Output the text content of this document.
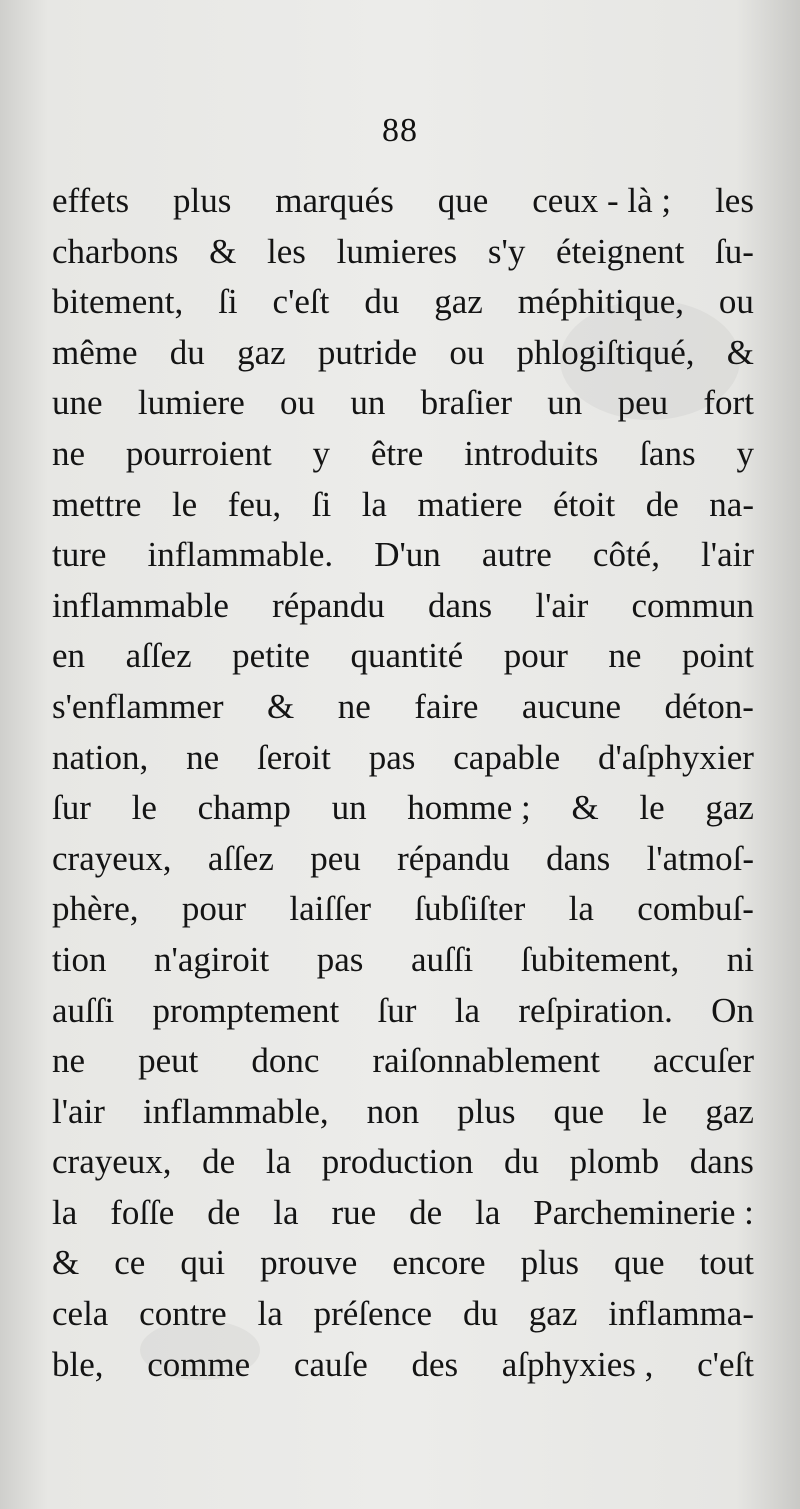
88
effets plus marqués que ceux - là ; les
charbons & les lumieres s'y éteignent ſu-
bitement, ſi c'eſt du gaz méphitique, ou
même du gaz putride ou phlogiſtiqué, &
une lumiere ou un braſier un peu fort
ne pourroient y être introduits ſans y
mettre le feu, ſi la matiere étoit de na-
ture inflammable. D'un autre côté, l'air
inflammable répandu dans l'air commun
en aſſez petite quantité pour ne point
s'enflammer & ne faire aucune déton-
nation, ne ſeroit pas capable d'aſphyxier
ſur le champ un homme ; & le gaz
crayeux, aſſez peu répandu dans l'atmoſ-
phère, pour laiſſer ſubſiſter la combuſ-
tion n'agiroit pas auſſi ſubitement, ni
auſſi promptement ſur la reſpiration. On
ne peut donc raiſonnablement accuſer
l'air inflammable, non plus que le gaz
crayeux, de la production du plomb dans
la foſſe de la rue de la Parcheminerie :
& ce qui prouve encore plus que tout
cela contre la préſence du gaz inflamma-
ble, comme cauſe des aſphyxies , c'eſt
